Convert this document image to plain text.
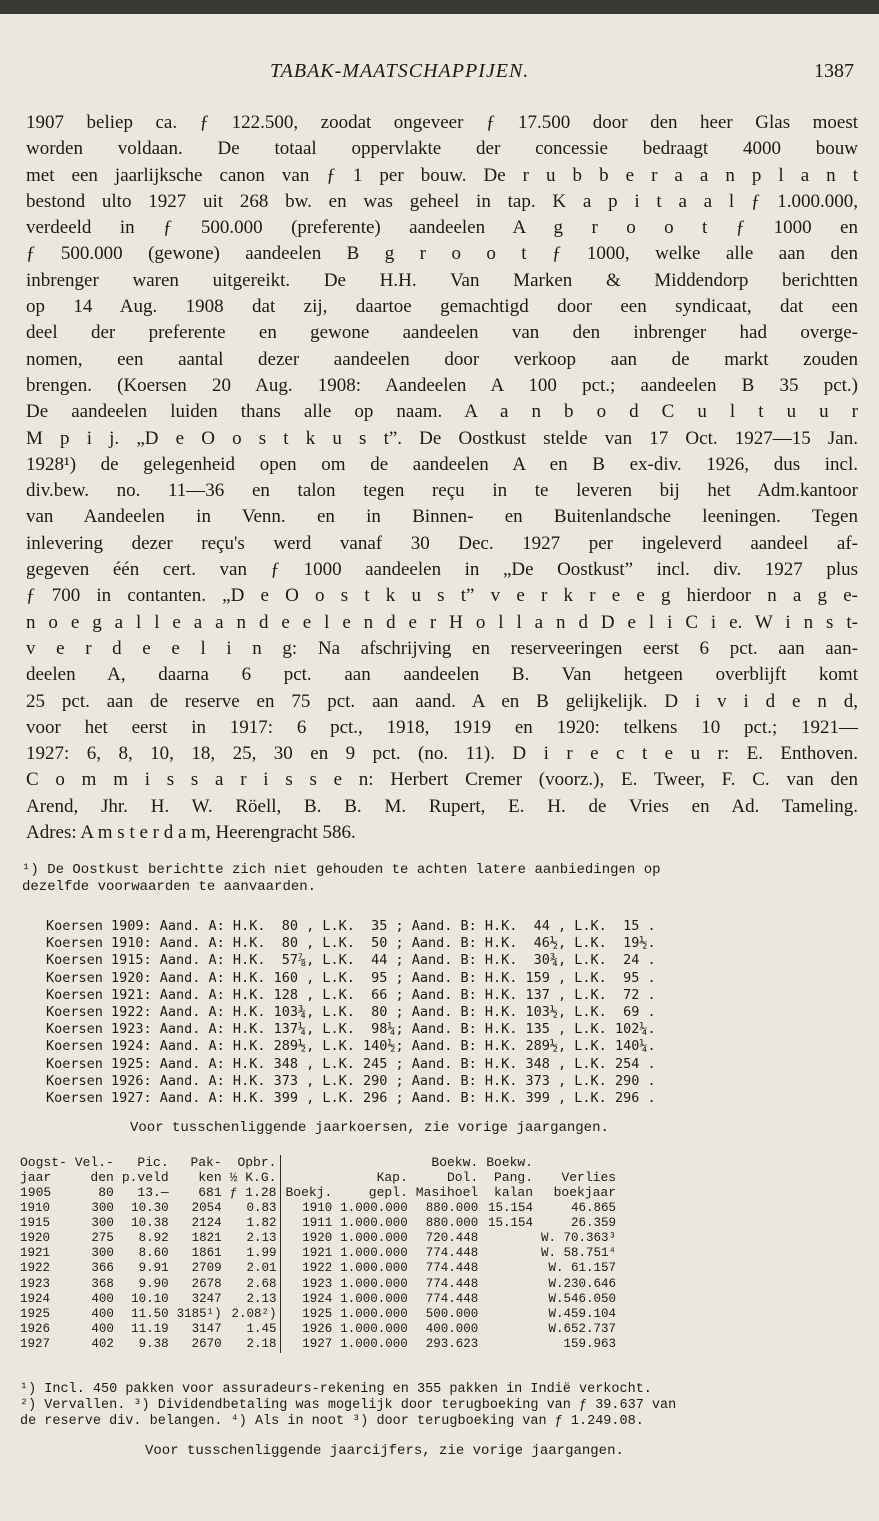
TABAK-MAATSCHAPPIJEN.	1387
1907 beliep ca. ƒ 122.500, zoodat ongeveer ƒ 17.500 door den heer Glas moest
worden voldaan. De totaal oppervlakte der concessie bedraagt 4000 bouw
met een jaarlijksche canon van ƒ 1 per bouw. De r u b b e r a a n p l a n t
bestond ulto 1927 uit 268 bw. en was geheel in tap. K a p i t a a l ƒ 1.000.000,
verdeeld in ƒ 500.000 (preferente) aandeelen A g r o o t ƒ 1000 en
ƒ 500.000 (gewone) aandeelen B g r o o t ƒ 1000, welke alle aan den
inbrenger waren uitgereikt. De H.H. Van Marken & Middendorp berichtten
op 14 Aug. 1908 dat zij, daartoe gemachtigd door een syndicaat, dat een
deel der preferente en gewone aandeelen van den inbrenger had overge-
nomen, een aantal dezer aandeelen door verkoop aan de markt zouden
brengen. (Koersen 20 Aug. 1908: Aandeelen A 100 pct.; aandeelen B 35 pct.)
De aandeelen luiden thans alle op naam. A a n b o d C u l t u u r
M p i j. „D e O o s t k u s t”. De Oostkust stelde van 17 Oct. 1927—15 Jan.
1928¹) de gelegenheid open om de aandeelen A en B ex-div. 1926, dus incl.
div.bew. no. 11—36 en talon tegen reçu in te leveren bij het Adm.kantoor
van Aandeelen in Venn. en in Binnen- en Buitenlandsche leeningen. Tegen
inlevering dezer reçu's werd vanaf 30 Dec. 1927 per ingeleverd aandeel af-
gegeven één cert. van ƒ 1000 aandeelen in „De Oostkust” incl. div. 1927 plus
ƒ 700 in contanten. „D e O o s t k u s t” v e r k r e e g hierdoor n a g e-
n o e g a l l e a a n d e e l e n d e r H o l l a n d D e l i C i e. W i n s t-
v e r d e e l i n g: Na afschrijving en reserveeringen eerst 6 pct. aan aan-
deelen A, daarna 6 pct. aan aandeelen B. Van hetgeen overblijft komt
25 pct. aan de reserve en 75 pct. aan aand. A en B gelijkelijk. D i v i d e n d,
voor het eerst in 1917: 6 pct., 1918, 1919 en 1920: telkens 10 pct.; 1921—
1927: 6, 8, 10, 18, 25, 30 en 9 pct. (no. 11). D i r e c t e u r: E. Enthoven.
C o m m i s s a r i s s e n: Herbert Cremer (voorz.), E. Tweer, F. C. van den
Arend, Jhr. H. W. Röell, B. B. M. Rupert, E. H. de Vries en Ad. Tameling.
Adres: A m s t e r d a m, Heerengracht 586.
¹) De Oostkust berichtte zich niet gehouden te achten latere aanbiedingen op
dezelfde voorwaarden te aanvaarden.
Koersen 1909: Aand. A: H.K.  80 , L.K.  35 ; Aand. B: H.K.  44 , L.K.  15 .
Koersen 1910: Aand. A: H.K.  80 , L.K.  50 ; Aand. B: H.K.  46½, L.K.  19½.
Koersen 1915: Aand. A: H.K.  57⅞, L.K.  44 ; Aand. B: H.K.  30¾, L.K.  24 .
Koersen 1920: Aand. A: H.K. 160 , L.K.  95 ; Aand. B: H.K. 159 , L.K.  95 .
Koersen 1921: Aand. A: H.K. 128 , L.K.  66 ; Aand. B: H.K. 137 , L.K.  72 .
Koersen 1922: Aand. A: H.K. 103¾, L.K.  80 ; Aand. B: H.K. 103½, L.K.  69 .
Koersen 1923: Aand. A: H.K. 137¼, L.K.  98¼; Aand. B: H.K. 135 , L.K. 102¼.
Koersen 1924: Aand. A: H.K. 289½, L.K. 140½; Aand. B: H.K. 289½, L.K. 140¼.
Koersen 1925: Aand. A: H.K. 348 , L.K. 245 ; Aand. B: H.K. 348 , L.K. 254 .
Koersen 1926: Aand. A: H.K. 373 , L.K. 290 ; Aand. B: H.K. 373 , L.K. 290 .
Koersen 1927: Aand. A: H.K. 399 , L.K. 296 ; Aand. B: H.K. 399 , L.K. 296 .
Voor tusschenliggende jaarkoersen, zie vorige jaargangen.
Oogst-	Vel.-	Pic.	Pak-	Opbr.			Boekw.	Boekw.	
jaar	den	p.veld	ken	½ K.G.		Kap.	Dol.	Pang.	Verlies
1905	80	13.—	681	ƒ 1.28	Boekj.	gepl.	Masihoel	kalan	boekjaar
1910	300	10.30	2054	0.83	1910	1.000.000	880.000	15.154	46.865
1915	300	10.38	2124	1.82	1911	1.000.000	880.000	15.154	26.359
1920	275	8.92	1821	2.13	1920	1.000.000	720.448		W. 70.363³
1921	300	8.60	1861	1.99	1921	1.000.000	774.448		W. 58.751⁴
1922	366	9.91	2709	2.01	1922	1.000.000	774.448		W. 61.157
1923	368	9.90	2678	2.68	1923	1.000.000	774.448		W.230.646
1924	400	10.10	3247	2.13	1924	1.000.000	774.448		W.546.050
1925	400	11.50	3185¹)	2.08²)	1925	1.000.000	500.000		W.459.104
1926	400	11.19	3147	1.45	1926	1.000.000	400.000		W.652.737
1927	402	9.38	2670	2.18	1927	1.000.000	293.623		159.963
¹) Incl. 450 pakken voor assuradeurs-rekening en 355 pakken in Indië verkocht.
²) Vervallen. ³) Dividendbetaling was mogelijk door terugboeking van ƒ 39.637 van
de reserve div. belangen. ⁴) Als in noot ³) door terugboeking van ƒ 1.249.08.
Voor tusschenliggende jaarcijfers, zie vorige jaargangen.
